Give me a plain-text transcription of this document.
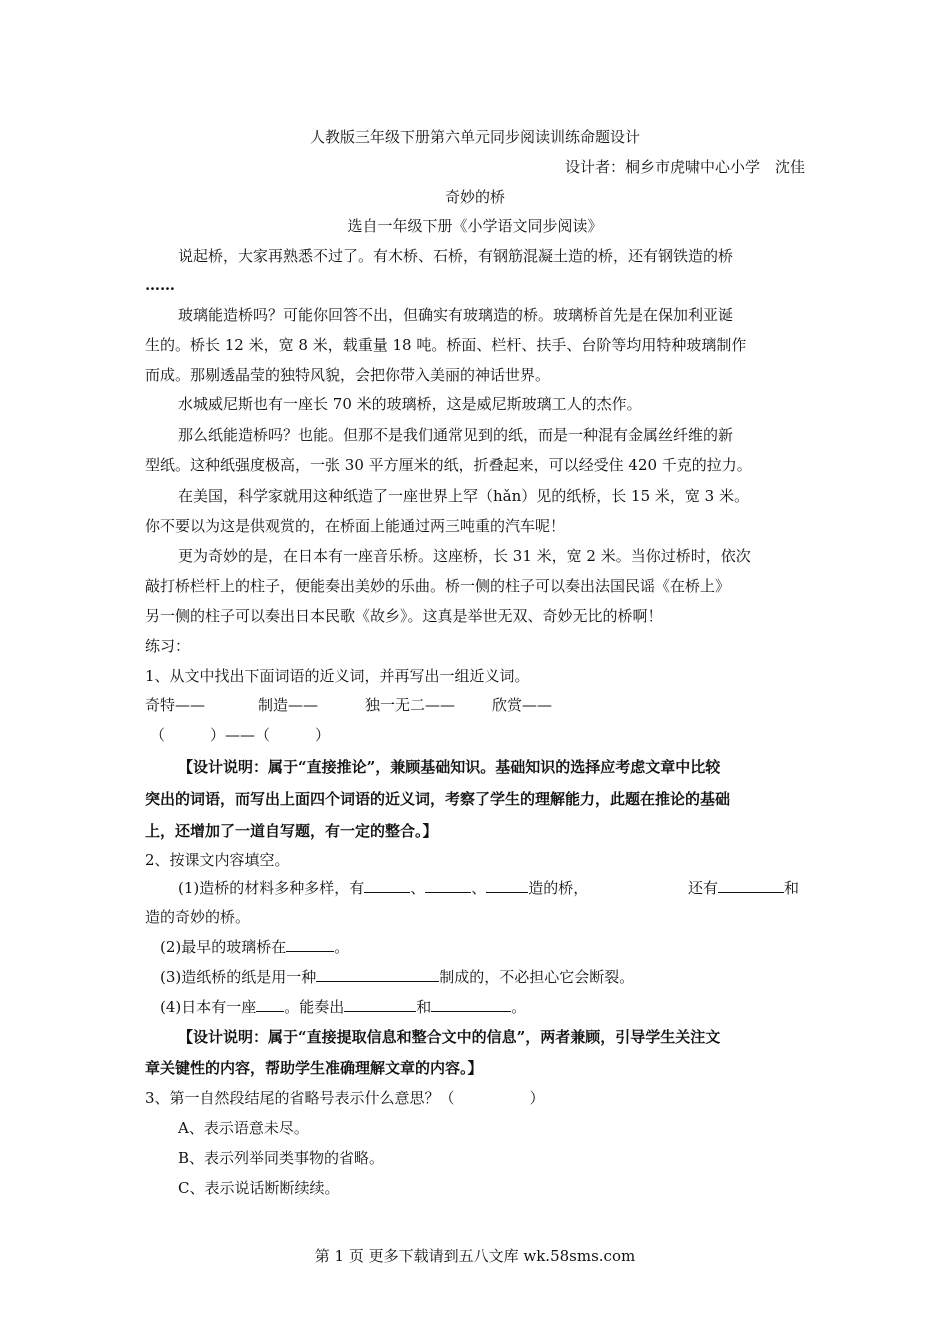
人教版三年级下册第六单元同步阅读训练命题设计
设计者：桐乡市虎啸中心小学　沈佳
奇妙的桥
选自一年级下册《小学语文同步阅读》
说起桥，大家再熟悉不过了。有木桥、石桥，有钢筋混凝土造的桥，还有钢铁造的桥
……
玻璃能造桥吗？可能你回答不出，但确实有玻璃造的桥。玻璃桥首先是在保加利亚诞
生的。桥长 12 米，宽 8 米，载重量 18 吨。桥面、栏杆、扶手、台阶等均用特种玻璃制作
而成。那剔透晶莹的独特风貌，会把你带入美丽的神话世界。
水城威尼斯也有一座长 70 米的玻璃桥，这是威尼斯玻璃工人的杰作。
那么纸能造桥吗？也能。但那不是我们通常见到的纸，而是一种混有金属丝纤维的新
型纸。这种纸强度极高，一张 30 平方厘米的纸，折叠起来，可以经受住 420 千克的拉力。
在美国，科学家就用这种纸造了一座世界上罕（hǎn）见的纸桥，长 15 米，宽 3 米。
你不要以为这是供观赏的，在桥面上能通过两三吨重的汽车呢！
更为奇妙的是，在日本有一座音乐桥。这座桥，长 31 米，宽 2 米。当你过桥时，依次
敲打桥栏杆上的柱子，便能奏出美妙的乐曲。桥一侧的柱子可以奏出法国民谣《在桥上》
另一侧的柱子可以奏出日本民歌《故乡》。这真是举世无双、奇妙无比的桥啊！
练习：
1、从文中找出下面词语的近义词，并再写出一组近义词。
奇特——	制造——	独一无二—— 欣赏——
（　　　）——（　　　）
【设计说明：属于“直接推论”，兼顾基础知识。基础知识的选择应考虑文章中比较
突出的词语，而写出上面四个词语的近义词，考察了学生的理解能力，此题在推论的基础
上，还增加了一道自写题，有一定的整合。】
2、按课文内容填空。
(1)造桥的材料多种多样，有	、	、	造的桥，	还有	和
造的奇妙的桥。
(2)最早的玻璃桥在	。
(3)造纸桥的纸是用一种	制成的，不必担心它会断裂。
(4)日本有一座 。能奏出	和	。
【设计说明：属于“直接提取信息和整合文中的信息”，两者兼顾，引导学生关注文
章关键性的内容，帮助学生准确理解文章的内容。】
3、第一自然段结尾的省略号表示什么意思？（　　　　　）
A、表示语意未尽。
B、表示列举同类事物的省略。
C、表示说话断断续续。
第 1 页 更多下载请到五八文库 wk.58sms.com
